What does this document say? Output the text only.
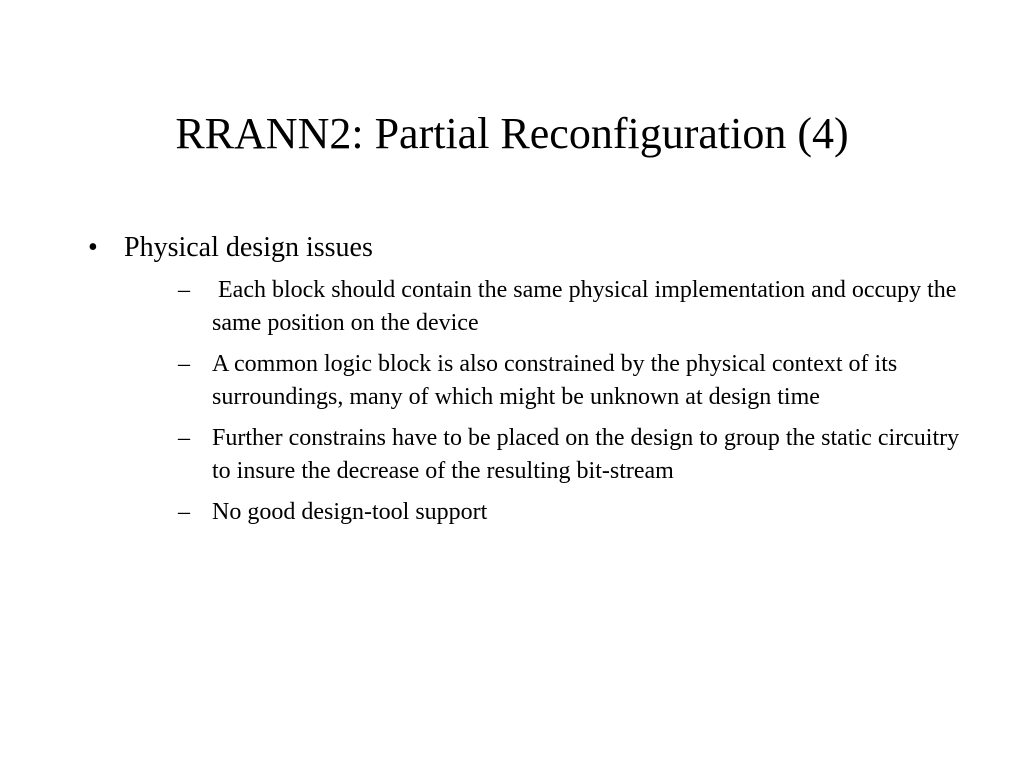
RRANN2: Partial Reconfiguration (4)
• Physical design issues
– Each block should contain the same physical implementation and occupy the same position on the device
– A common logic block is also constrained by the physical context of its surroundings, many of which might be unknown at design time
– Further constrains have to be placed on the design to group the static circuitry to insure the decrease of the resulting bit-stream
– No good design-tool support
